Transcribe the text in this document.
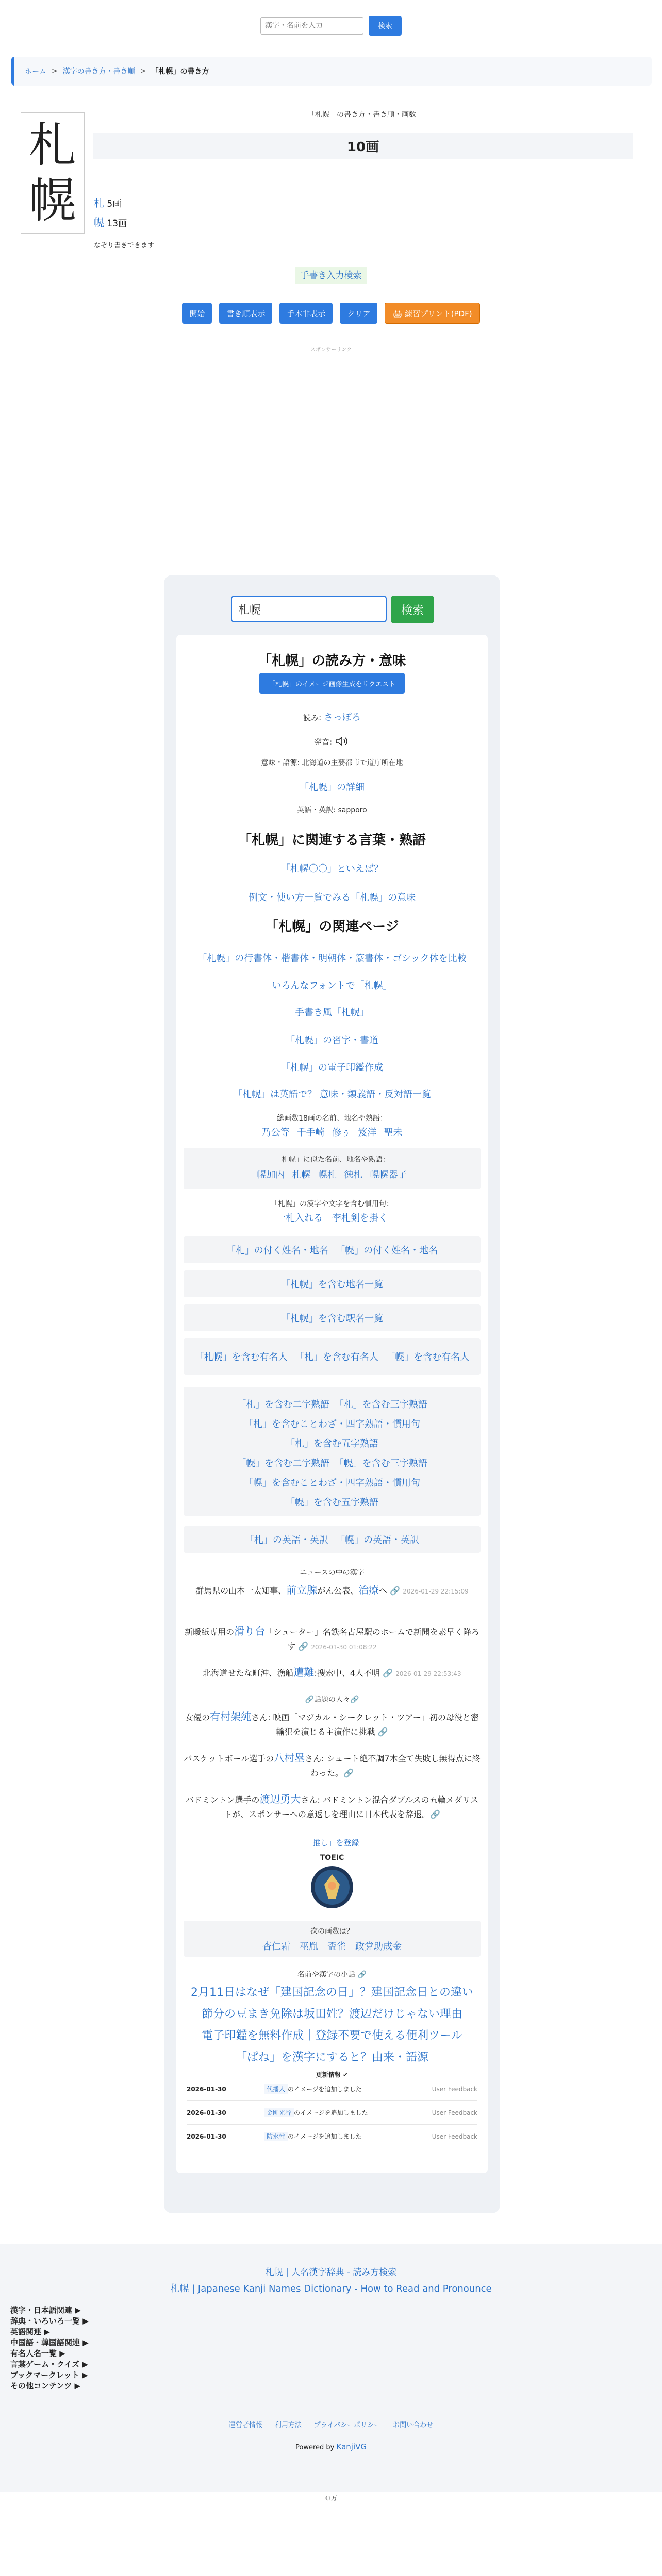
漢字・名前を入力
検索
ホーム > 漢字の書き方・書き順 > 「札幌」の書き方
札
幌
「札幌」の書き方・書き順・画数
10画
札 5画
幌 13画
–
なぞり書きできます
手書き入力検索
開始	書き順表示	手本非表示	クリア	🖨 練習プリント(PDF)
スポンサーリンク
札幌
検索
「札幌」の読み方・意味
「札幌」のイメージ画像生成をリクエスト
読み: さっぽろ
発音:
意味・語源: 北海道の主要都市で道庁所在地
「札幌」の詳細
英語・英訳: sapporo
「札幌」に関連する言葉・熟語
「札幌〇〇」といえば？
例文・使い方一覧でみる「札幌」の意味
「札幌」の関連ページ
「札幌」の行書体・楷書体・明朝体・篆書体・ゴシック体を比較
いろんなフォントで「札幌」
手書き風「札幌」
「札幌」の習字・書道
「札幌」の電子印鑑作成
「札幌」は英語で？ 意味・類義語・反対語一覧
総画数18画の名前、地名や熟語：
乃公等 千手崎 修ぅ 笈洋 聖未
「札幌」に似た名前、地名や熟語：
幌加内 札幌 幌札 徳札 幌幌器子
「札幌」の漢字や文字を含む慣用句：
一札入れる　李札剣を掛く
「札」の付く姓名・地名 「幌」の付く姓名・地名
「札幌」を含む地名一覧
「札幌」を含む駅名一覧
「札幌」を含む有名人 「札」を含む有名人 「幌」を含む有名人
「札」を含む二字熟語 「札」を含む三字熟語
「札」を含むことわざ・四字熟語・慣用句
「札」を含む五字熟語
「幌」を含む二字熟語 「幌」を含む三字熟語
「幌」を含むことわざ・四字熟語・慣用句
「幌」を含む五字熟語
「札」の英語・英訳 「幌」の英語・英訳
ニュースの中の漢字
群馬県の山本一太知事、前立腺がん公表、治療へ 🔗 2026-01-29 22:15:09
新暖紙専用の滑り台「シューター」名鉄名古屋駅のホームで新聞を素早く降ろす 🔗 2026-01-30 01:08:22
北海道せたな町沖、漁船遭難:搜索中、4人不明 🔗 2026-01-29 22:53:43
🔗話題の人々🔗
女優の有村架純さん: 映画「マジカル・シークレット・ツアー」初の母役と密輸犯を演じる主演作に挑戦 🔗
バスケットボール選手の八村塁さん: シュート絶不調7本全て失敗し無得点に終わった。🔗
バドミントン選手の渡辺勇大さん: バドミントン混合ダブルスの五輪メダリストが、スポンサーへの意返しを理由に日本代表を辞退。🔗
「推し」を登録
TOEIC
次の画数は？
杏仁霜　巫胤　盃雀　政党助成金
名前や漢字の小話 🔗
2月11日はなぜ「建国記念の日」？建国記念日との違い
節分の豆まき免除は坂田姓？渡辺だけじゃない理由
電子印鑑を無料作成｜登録不要で使える便利ツール
「ぱね」を漢字にすると？由来・語源
更新情報 ✔
2026-01-30	代播人 のイメージを追加しました	User Feedback
2026-01-30	金剛光谷 のイメージを追加しました	User Feedback
2026-01-30	防水性 のイメージを追加しました	User Feedback
札幌 | 人名漢字辞典 - 読み方検索
札幌 | Japanese Kanji Names Dictionary - How to Read and Pronounce
漢字・日本語関連 ▶
辞典・いろいろ一覧 ▶
英語関連 ▶
中国語・韓国語関連 ▶
有名人名一覧 ▶
言葉ゲーム・クイズ ▶
ブックマークレット ▶
その他コンテンツ ▶
運営者情報 利用方法 プライバシーポリシー お問い合わせ
Powered by KanjiVG
©万
